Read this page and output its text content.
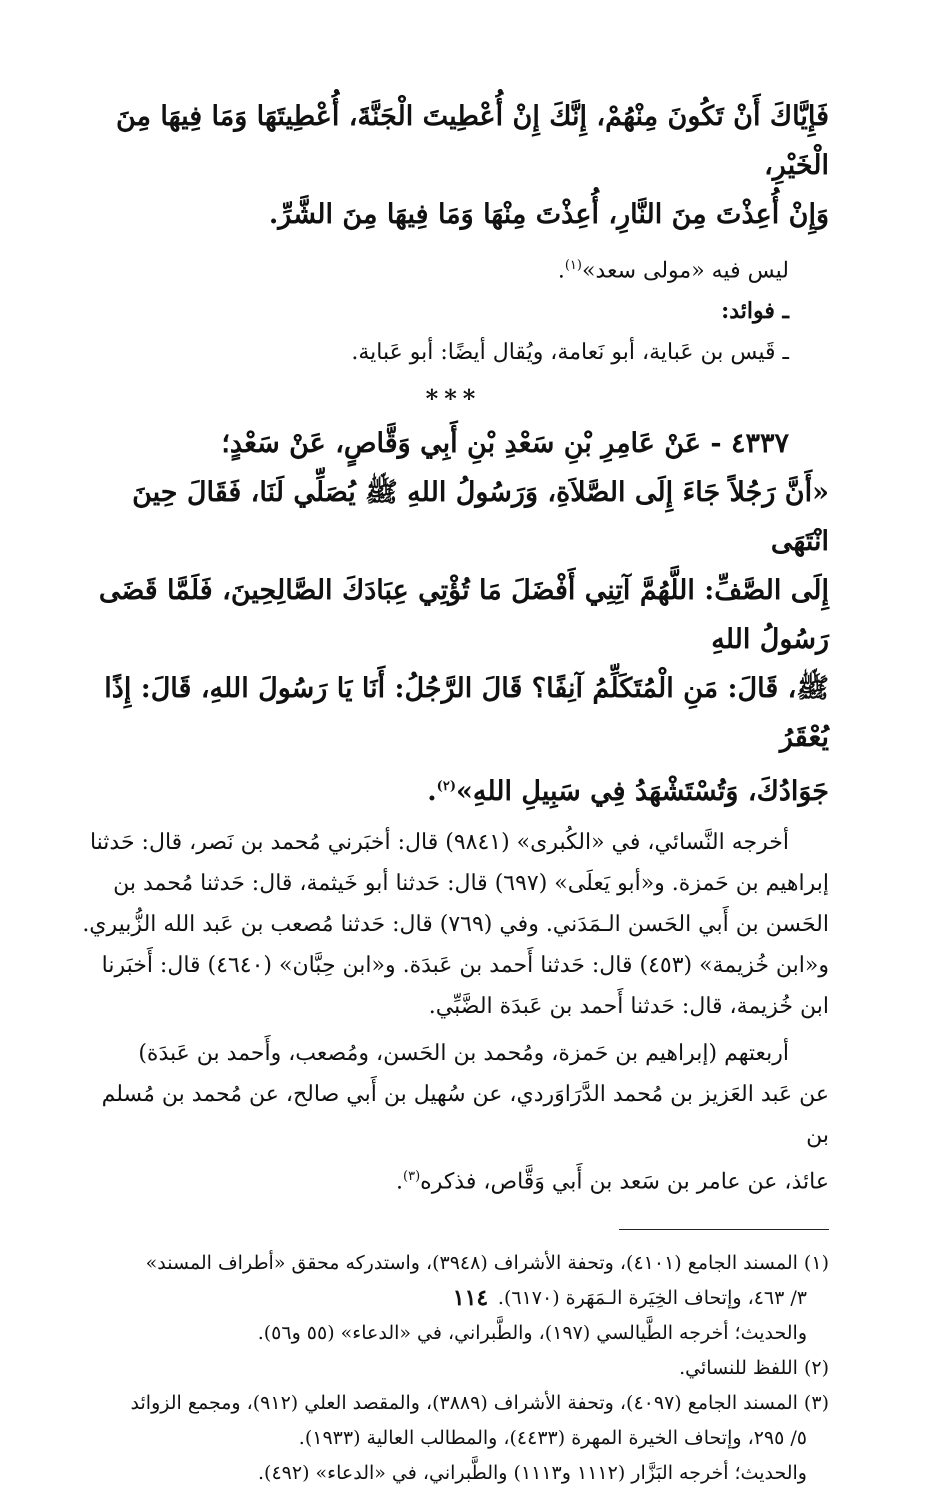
فَإِيَّاكَ أَنْ تَكُونَ مِنْهُمْ، إِنَّكَ إِنْ أُعْطِيتَ الْجَنَّةَ، أُعْطِيتَهَا وَمَا فِيهَا مِنَ الْخَيْرِ،

وَإِنْ أُعِذْتَ مِنَ النَّارِ، أُعِذْتَ مِنْهَا وَمَا فِيهَا مِنَ الشَّرِّ.

ليس فيه «مولى سعد»$^{(١)}$.

ـ فوائد:

ـ قَيس بن عَباية، أبو نَعامة، ويُقال أيضًا: أبو عَباية.

***

٤٣٣٧ - عَنْ عَامِرِ بْنِ سَعْدِ بْنِ أَبِي وَقَّاصٍ، عَنْ سَعْدٍ؛

«أَنَّ رَجُلاً جَاءَ إِلَى الصَّلاَةِ، وَرَسُولُ اللهِ ﷺ يُصَلِّي لَنَا، فَقَالَ حِينَ انْتَهَى

إِلَى الصَّفِّ: اللَّهُمَّ آتِنِي أَفْضَلَ مَا تُؤْتِي عِبَادَكَ الصَّالِحِينَ، فَلَمَّا قَضَى رَسُولُ اللهِ

ﷺ، قَالَ: مَنِ الْمُتَكَلِّمُ آنِفًا؟ قَالَ الرَّجُلُ: أَنَا يَا رَسُولَ اللهِ، قَالَ: إِذًا يُعْقَرُ

جَوَادُكَ، وَتُسْتَشْهَدُ فِي سَبِيلِ اللهِ»$^{(٢)}$.

أخرجه النَّسائي، في «الكُبرى» (٩٨٤١) قال: أخبَرني مُحمد بن نَصر، قال: حَدثنا

إبراهيم بن حَمزة. و«أبو يَعلَى» (٦٩٧) قال: حَدثنا أبو خَيثمة، قال: حَدثنا مُحمد بن

الحَسن بن أَبي الحَسن الـمَدَني. وفي (٧٦٩) قال: حَدثنا مُصعب بن عَبد الله الزُّبيري.

و«ابن خُزيمة» (٤٥٣) قال: حَدثنا أَحمد بن عَبدَة. و«ابن حِبَّان» (٤٦٤٠) قال: أَخبَرنا

ابن خُزيمة، قال: حَدثنا أَحمد بن عَبدَة الضَّبِّي.

أربعتهم (إبراهيم بن حَمزة، ومُحمد بن الحَسن، ومُصعب، وأَحمد بن عَبدَة)

عن عَبد العَزيز بن مُحمد الدَّرَاوَردي، عن سُهيل بن أَبي صالح، عن مُحمد بن مُسلم بن

عائذ، عن عامر بن سَعد بن أَبي وَقَّاص، فذكره$^{(٣)}$.

(١) المسند الجامع (٤١٠١)، وتحفة الأشراف (٣٩٤٨)، واستدركه محقق «أطراف المسند»

٣/ ٤٦٣، وإتحاف الخِيَرة الـمَهَرة (٦١٧٠).

والحديث؛ أخرجه الطَّيالسي (١٩٧)، والطَّبراني، في «الدعاء» (٥٥ و٥٦).

(٢) اللفظ للنسائي.

(٣) المسند الجامع (٤٠٩٧)، وتحفة الأشراف (٣٨٨٩)، والمقصد العلي (٩١٢)، ومجمع الزوائد

٥/ ٢٩٥، وإتحاف الخيرة المهرة (٤٤٣٣)، والمطالب العالية (١٩٣٣).

والحديث؛ أخرجه البَزَّار (١١١٢ و١١١٣) والطَّبراني، في «الدعاء» (٤٩٢).

١١٤
